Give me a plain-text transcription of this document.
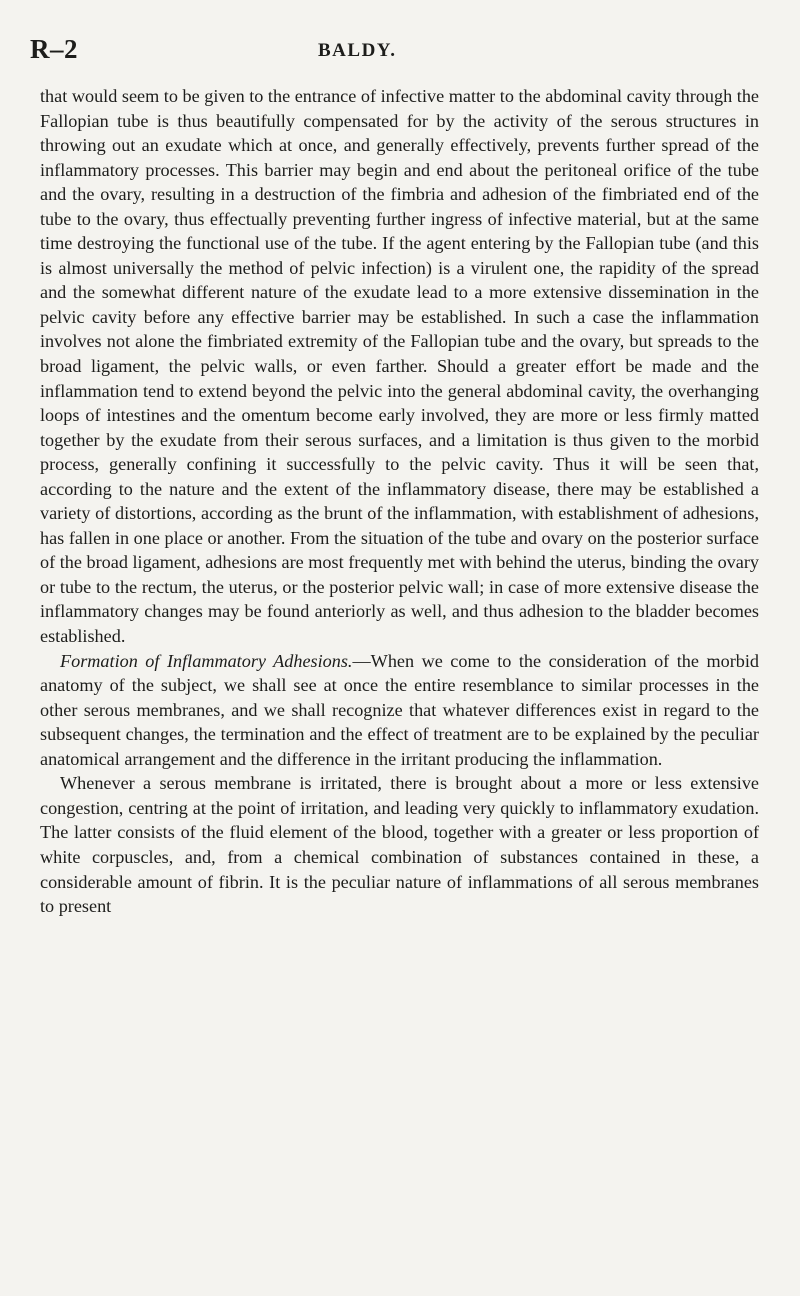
R–2	BALDY.

that would seem to be given to the entrance of infective matter to the abdominal cavity through the Fallopian tube is thus beautifully compensated for by the activity of the serous structures in throwing out an exudate which at once, and generally effectively, prevents further spread of the inflammatory processes. This barrier may begin and end about the peritoneal orifice of the tube and the ovary, resulting in a destruction of the fimbria and adhesion of the fimbriated end of the tube to the ovary, thus effectually preventing further ingress of infective material, but at the same time destroying the functional use of the tube. If the agent entering by the Fallopian tube (and this is almost universally the method of pelvic infection) is a virulent one, the rapidity of the spread and the somewhat different nature of the exudate lead to a more extensive dissemination in the pelvic cavity before any effective barrier may be established. In such a case the inflammation involves not alone the fimbriated extremity of the Fallopian tube and the ovary, but spreads to the broad ligament, the pelvic walls, or even farther. Should a greater effort be made and the inflammation tend to extend beyond the pelvic into the general abdominal cavity, the overhanging loops of intestines and the omentum become early involved, they are more or less firmly matted together by the exudate from their serous surfaces, and a limitation is thus given to the morbid process, generally confining it successfully to the pelvic cavity. Thus it will be seen that, according to the nature and the extent of the inflammatory disease, there may be established a variety of distortions, according as the brunt of the inflammation, with establishment of adhesions, has fallen in one place or another. From the situation of the tube and ovary on the posterior surface of the broad ligament, adhesions are most frequently met with behind the uterus, binding the ovary or tube to the rectum, the uterus, or the posterior pelvic wall; in case of more extensive disease the inflammatory changes may be found anteriorly as well, and thus adhesion to the bladder becomes established.

Formation of Inflammatory Adhesions.—When we come to the consideration of the morbid anatomy of the subject, we shall see at once the entire resemblance to similar processes in the other serous membranes, and we shall recognize that whatever differences exist in regard to the subsequent changes, the termination and the effect of treatment are to be explained by the peculiar anatomical arrangement and the difference in the irritant producing the inflammation.

Whenever a serous membrane is irritated, there is brought about a more or less extensive congestion, centring at the point of irritation, and leading very quickly to inflammatory exudation. The latter consists of the fluid element of the blood, together with a greater or less proportion of white corpuscles, and, from a chemical combination of substances contained in these, a considerable amount of fibrin. It is the peculiar nature of inflammations of all serous membranes to present
